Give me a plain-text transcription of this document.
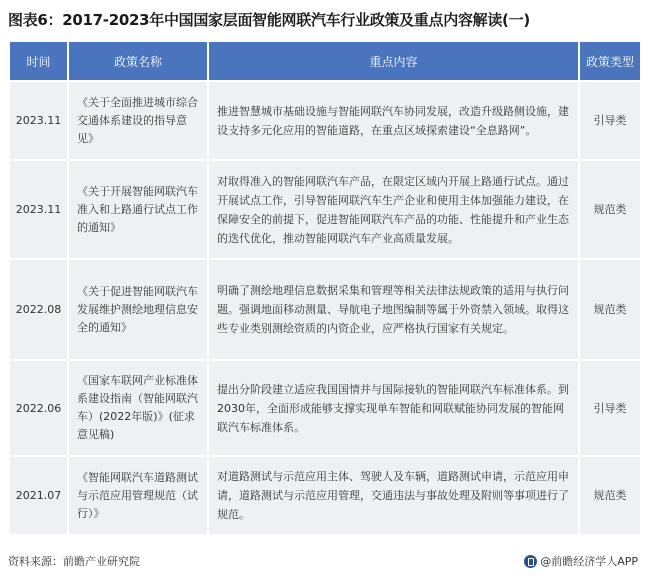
图表6：2017-2023年中国国家层面智能网联汽车行业政策及重点内容解读(一)
时间	政策名称	重点内容	政策类型
2023.11	《关于全面推进城市综合交通体系建设的指导意见》	推进智慧城市基础设施与智能网联汽车协同发展，改造升级路侧设施，建设支持多元化应用的智能道路，在重点区域探索建设“全息路网”。	引导类
2023.11	《关于开展智能网联汽车准入和上路通行试点工作的通知》	对取得准入的智能网联汽车产品，在限定区域内开展上路通行试点。通过开展试点工作，引导智能网联汽车生产企业和使用主体加强能力建设，在保障安全的前提下，促进智能网联汽车产品的功能、性能提升和产业生态的迭代优化，推动智能网联汽车产业高质量发展。	规范类
2022.08	《关于促进智能网联汽车发展维护测绘地理信息安全的通知》	明确了测绘地理信息数据采集和管理等相关法律法规政策的适用与执行问题。强调地面移动测量、导航电子地图编制等属于外资禁入领域。取得这些专业类别测绘资质的内资企业，应严格执行国家有关规定。	规范类
2022.06	《国家车联网产业标准体系建设指南（智能网联汽车）(2022年版)》(征求意见稿)	提出分阶段建立适应我国国情并与国际接轨的智能网联汽车标准体系。到2030年，全面形成能够支撑实现单车智能和网联赋能协同发展的智能网联汽车标准体系。	引导类
2021.07	《智能网联汽车道路测试与示范应用管理规范（试行）》	对道路测试与示范应用主体、驾驶人及车辆，道路测试申请，示范应用申请，道路测试与示范应用管理，交通违法与事故处理及附则等事项进行了规范。	规范类
资料来源：前瞻产业研究院	@前瞻经济学人APP
